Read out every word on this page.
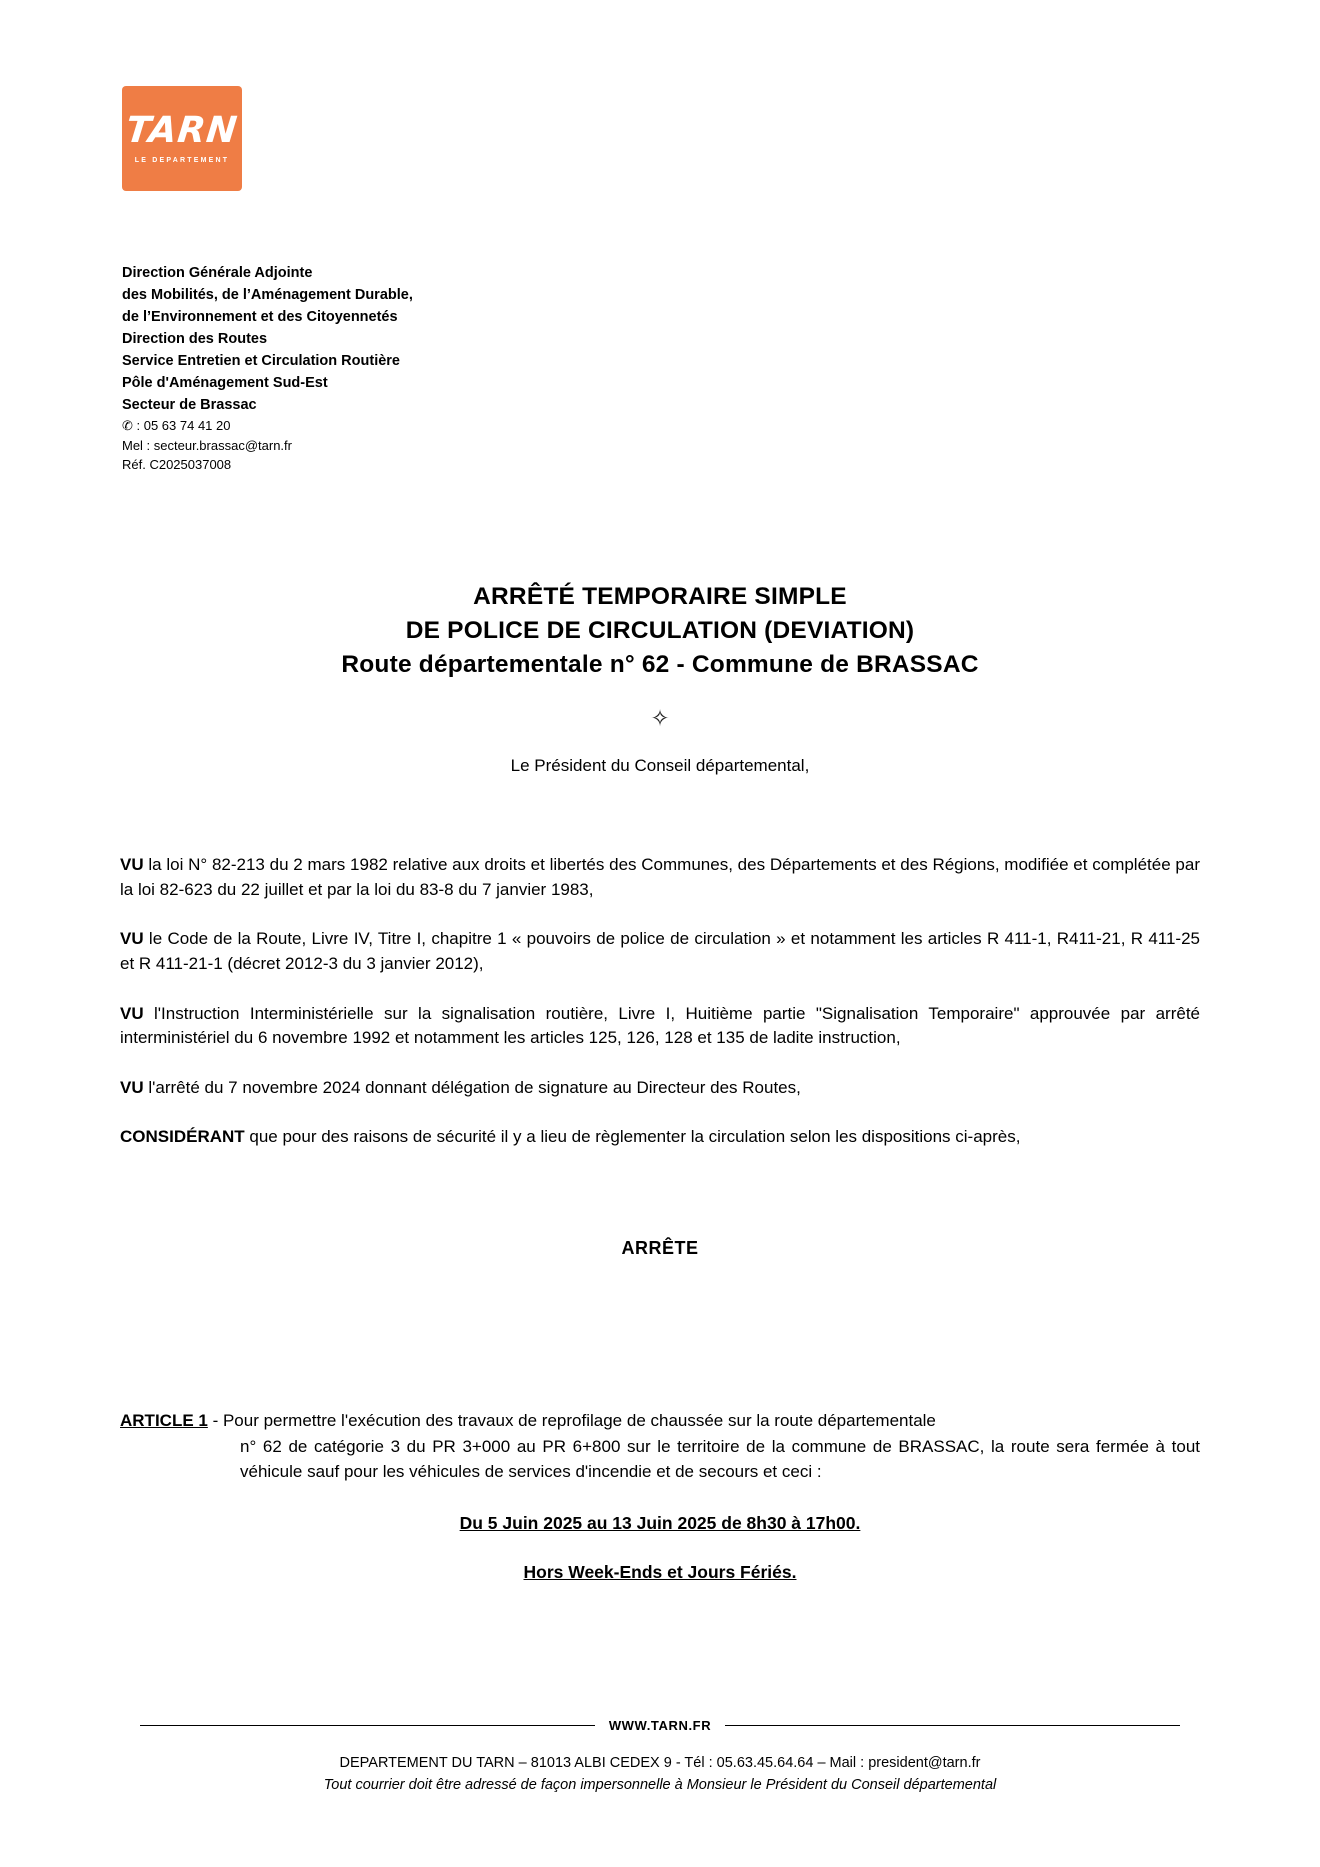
TARN
LE DEPARTEMENT
Direction Générale Adjointe
des Mobilités, de l’Aménagement Durable,
de l’Environnement et des Citoyennetés
Direction des Routes
Service Entretien et Circulation Routière
Pôle d'Aménagement Sud-Est
Secteur de Brassac
✆ : 05 63 74 41 20
Mel : secteur.brassac@tarn.fr
Réf. C2025037008
ARRÊTÉ TEMPORAIRE SIMPLE
DE POLICE DE CIRCULATION (DEVIATION)
Route départementale n° 62 - Commune de BRASSAC
✧
Le Président du Conseil départemental,

VU la loi N° 82-213 du 2 mars 1982 relative aux droits et libertés des Communes, des Départements et des Régions, modifiée et complétée par la loi 82-623 du 22 juillet et par la loi du 83-8 du 7 janvier 1983,

VU le Code de la Route, Livre IV, Titre I, chapitre 1 « pouvoirs de police de circulation » et notamment les articles R 411-1, R411-21, R 411-25 et R 411-21-1 (décret 2012-3 du 3 janvier 2012),

VU l'Instruction Interministérielle sur la signalisation routière, Livre I, Huitième partie "Signalisation Temporaire" approuvée par arrêté interministériel du 6 novembre 1992 et notamment les articles 125, 126, 128 et 135 de ladite instruction,

VU l'arrêté du 7 novembre 2024 donnant délégation de signature au Directeur des Routes,

CONSIDÉRANT que pour des raisons de sécurité il y a lieu de règlementer la circulation selon les dispositions ci-après,

ARRÊTE
ARTICLE 1 - Pour permettre l'exécution des travaux de reprofilage de chaussée sur la route départementale
n° 62 de catégorie 3 du PR 3+000 au PR 6+800 sur le territoire de la commune de BRASSAC, la route sera fermée à tout véhicule sauf pour les véhicules de services d'incendie et de secours et ceci :
Du 5 Juin 2025 au 13 Juin 2025 de 8h30 à 17h00.
Hors Week-Ends et Jours Fériés.
WWW.TARN.FR
DEPARTEMENT DU TARN – 81013 ALBI CEDEX 9 - Tél : 05.63.45.64.64 – Mail : president@tarn.fr
Tout courrier doit être adressé de façon impersonnelle à Monsieur le Président du Conseil départemental
